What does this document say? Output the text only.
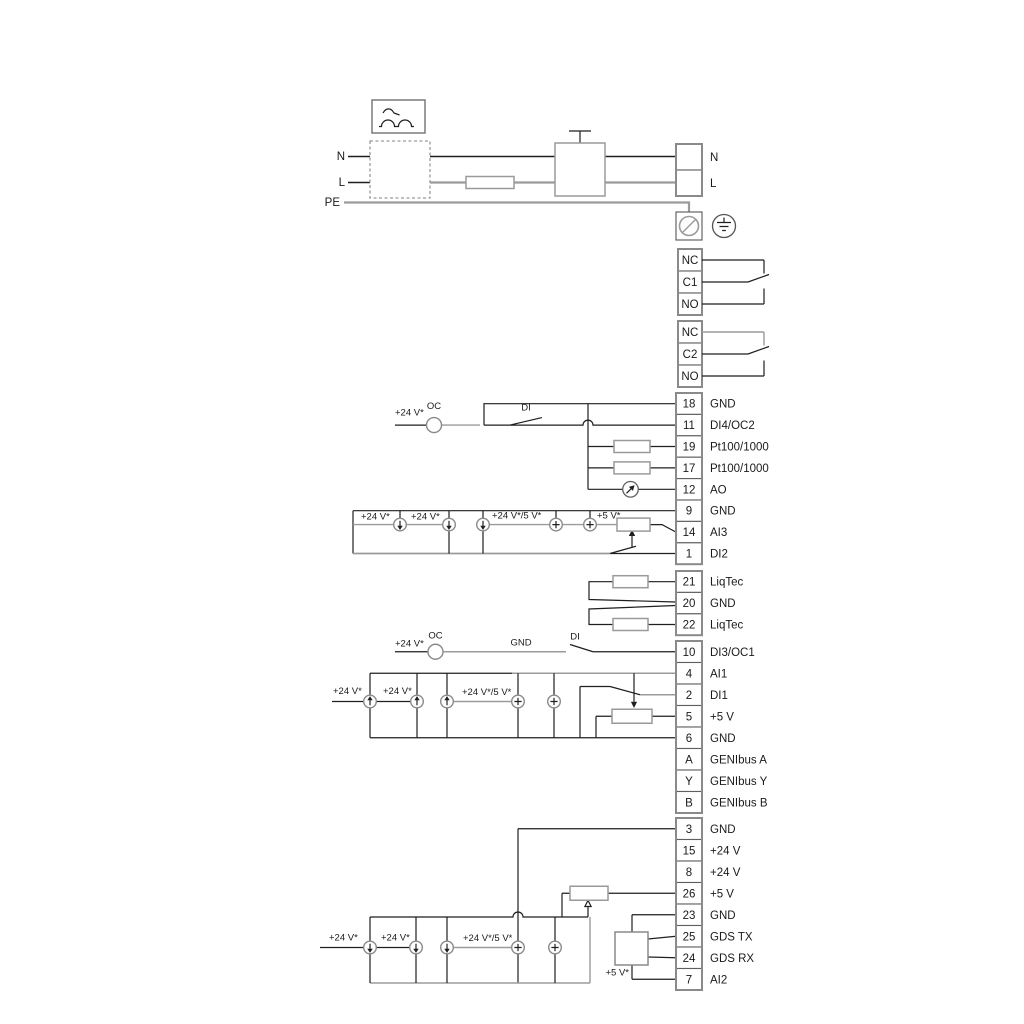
N
L
PE
N
L
NC
C1
NO
NC
C2
NO
+24 V*
OC	DI
+24 V* +24 V*	+24 V*/5 V*	+5 V*
+24 V*
OC
GND
DI
+24 V* +24 V*	+24 V*/5 V*
+24 V* +24 V*	+24 V*/5 V*
+5 V*
18 GND
11 DI4/OC2
19 Pt100/1000
17 Pt100/1000
12 AO
9 GND
14 AI3
1 DI2
21 LiqTec
20 GND
22 LiqTec
10 DI3/OC1
4 AI1
2 DI1
5 +5 V
6 GND
A GENIbus A
Y GENIbus Y
B GENIbus B
3 GND
15 +24 V
8 +24 V
26 +5 V
23 GND
25 GDS TX
24 GDS RX
7 AI2
